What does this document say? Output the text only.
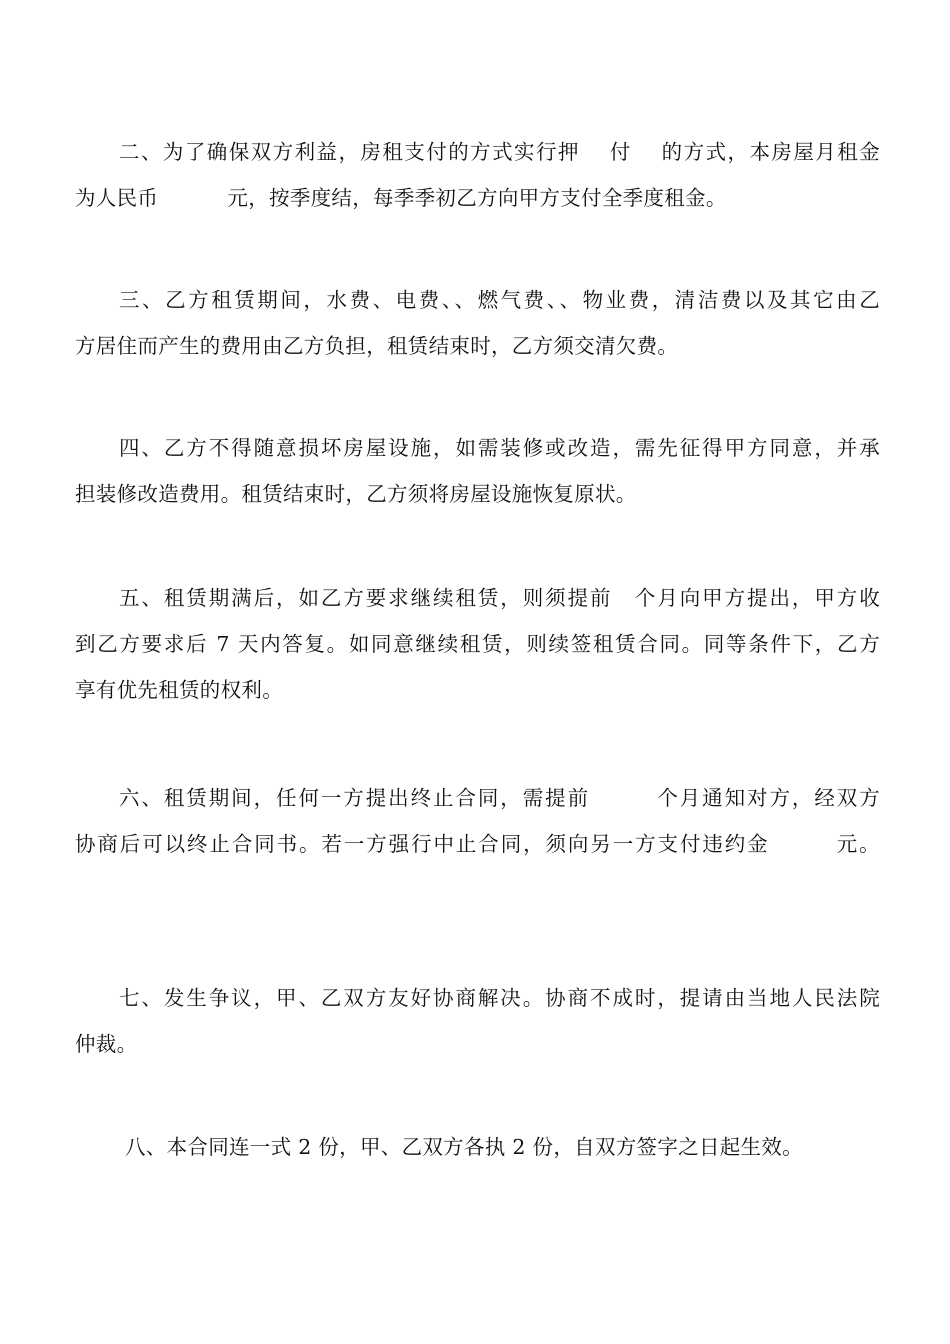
二、为了确保双方利益，房租支付的方式实行押　 付　 的方式，本房屋月租金
为人民币　　　 元，按季度结，每季季初乙方向甲方支付全季度租金。

三、乙方租赁期间，水费、电费、、燃气费、、物业费，清洁费以及其它由乙
方居住而产生的费用由乙方负担，租赁结束时，乙方须交清欠费。

四、乙方不得随意损坏房屋设施，如需装修或改造，需先征得甲方同意，并承
担装修改造费用。租赁结束时，乙方须将房屋设施恢复原状。

五、租赁期满后，如乙方要求继续租赁，则须提前　个月向甲方提出，甲方收
到乙方要求后 7 天内答复。如同意继续租赁，则续签租赁合同。同等条件下，乙方
享有优先租赁的权利。

六、租赁期间，任何一方提出终止合同，需提前　　　个月通知对方，经双方
协商后可以终止合同书。若一方强行中止合同，须向另一方支付违约金　　　元。

七、发生争议，甲、乙双方友好协商解决。协商不成时，提请由当地人民法院
仲裁。

八、本合同连一式 2 份，甲、乙双方各执 2 份，自双方签字之日起生效。
